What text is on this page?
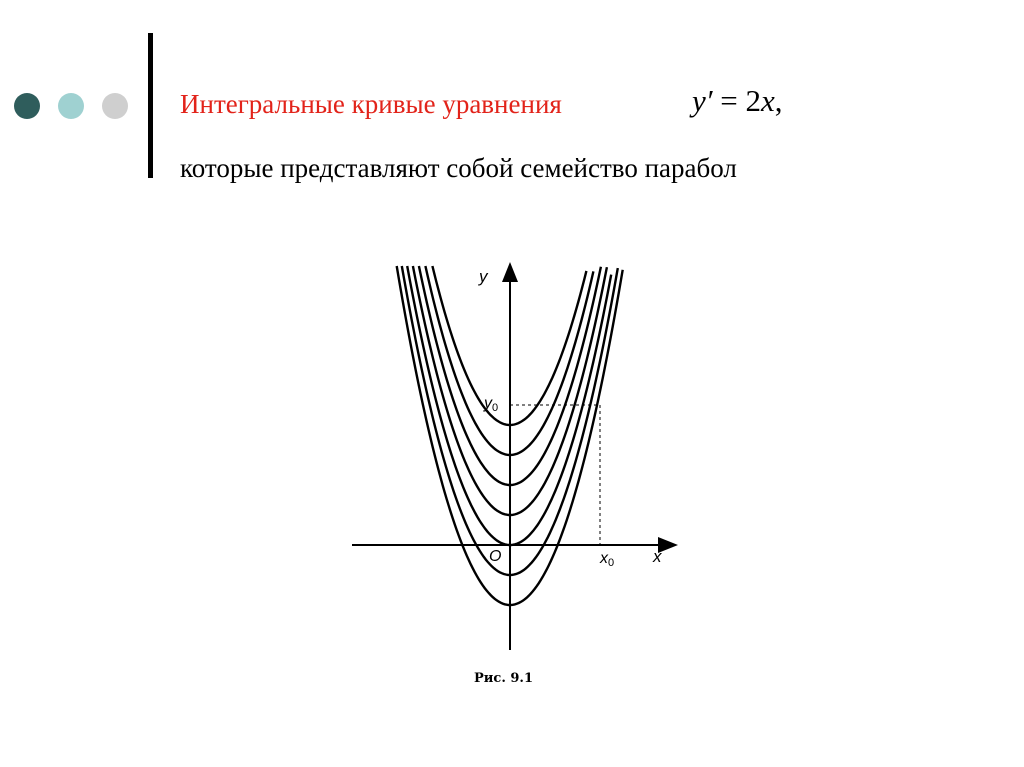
Интегральные кривые уравнения	y′ = 2x,
которые представляют собой семейство парабол
y
x
O	x0
y0
Рис. 9.1
